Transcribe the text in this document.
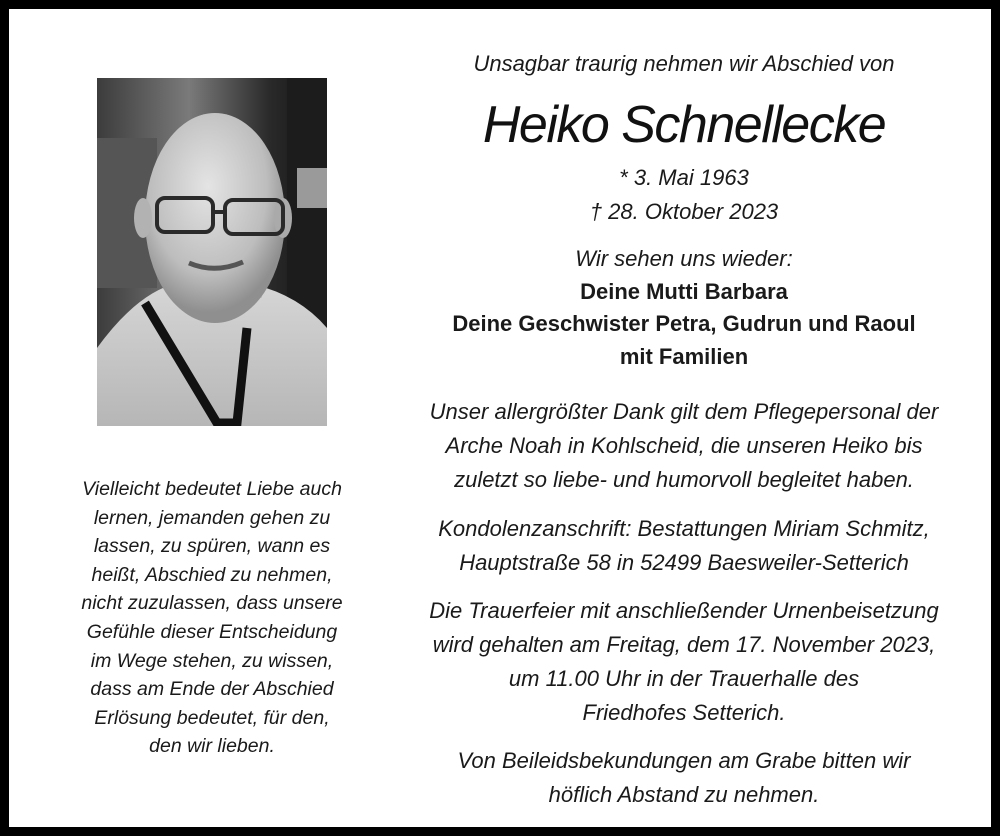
Vielleicht bedeutet Liebe auch
lernen, jemanden gehen zu
lassen, zu spüren, wann es
heißt, Abschied zu nehmen,
nicht zuzulassen, dass unsere
Gefühle dieser Entscheidung
im Wege stehen, zu wissen,
dass am Ende der Abschied
Erlösung bedeutet, für den,
den wir lieben.
Unsagbar traurig nehmen wir Abschied von
Heiko Schnellecke
* 3. Mai 1963
† 28. Oktober 2023
Wir sehen uns wieder:
Deine Mutti Barbara
Deine Geschwister Petra, Gudrun und Raoul
mit Familien
Unser allergrößter Dank gilt dem Pflegepersonal der
Arche Noah in Kohlscheid, die unseren Heiko bis
zuletzt so liebe- und humorvoll begleitet haben.
Kondolenzanschrift: Bestattungen Miriam Schmitz,
Hauptstraße 58 in 52499 Baesweiler-Setterich
Die Trauerfeier mit anschließender Urnenbeisetzung
wird gehalten am Freitag, dem 17. November 2023,
um 11.00 Uhr in der Trauerhalle des
Friedhofes Setterich.
Von Beileidsbekundungen am Grabe bitten wir
höflich Abstand zu nehmen.
